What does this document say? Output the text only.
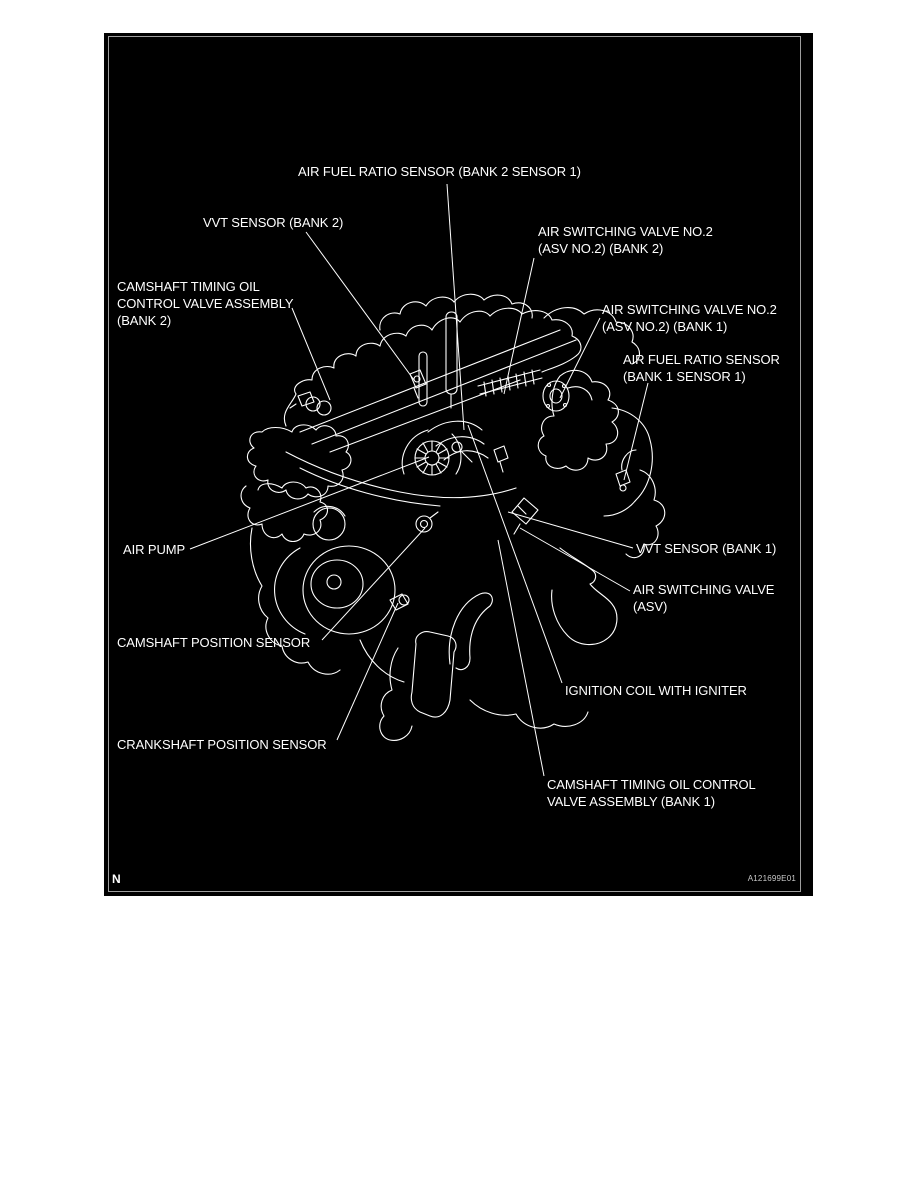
AIR FUEL RATIO SENSOR (BANK 2 SENSOR 1)
VVT SENSOR (BANK 2)
AIR SWITCHING VALVE NO.2
(ASV NO.2) (BANK 2)
CAMSHAFT TIMING OIL
CONTROL VALVE ASSEMBLY
(BANK 2)
AIR SWITCHING VALVE NO.2
(ASV NO.2) (BANK 1)
AIR FUEL RATIO SENSOR
(BANK 1 SENSOR 1)
AIR PUMP	VVT SENSOR (BANK 1)
AIR SWITCHING VALVE
(ASV)
CAMSHAFT POSITION SENSOR
IGNITION COIL WITH IGNITER
CRANKSHAFT POSITION SENSOR
CAMSHAFT TIMING OIL CONTROL
VALVE ASSEMBLY (BANK 1)
N	A121699E01
